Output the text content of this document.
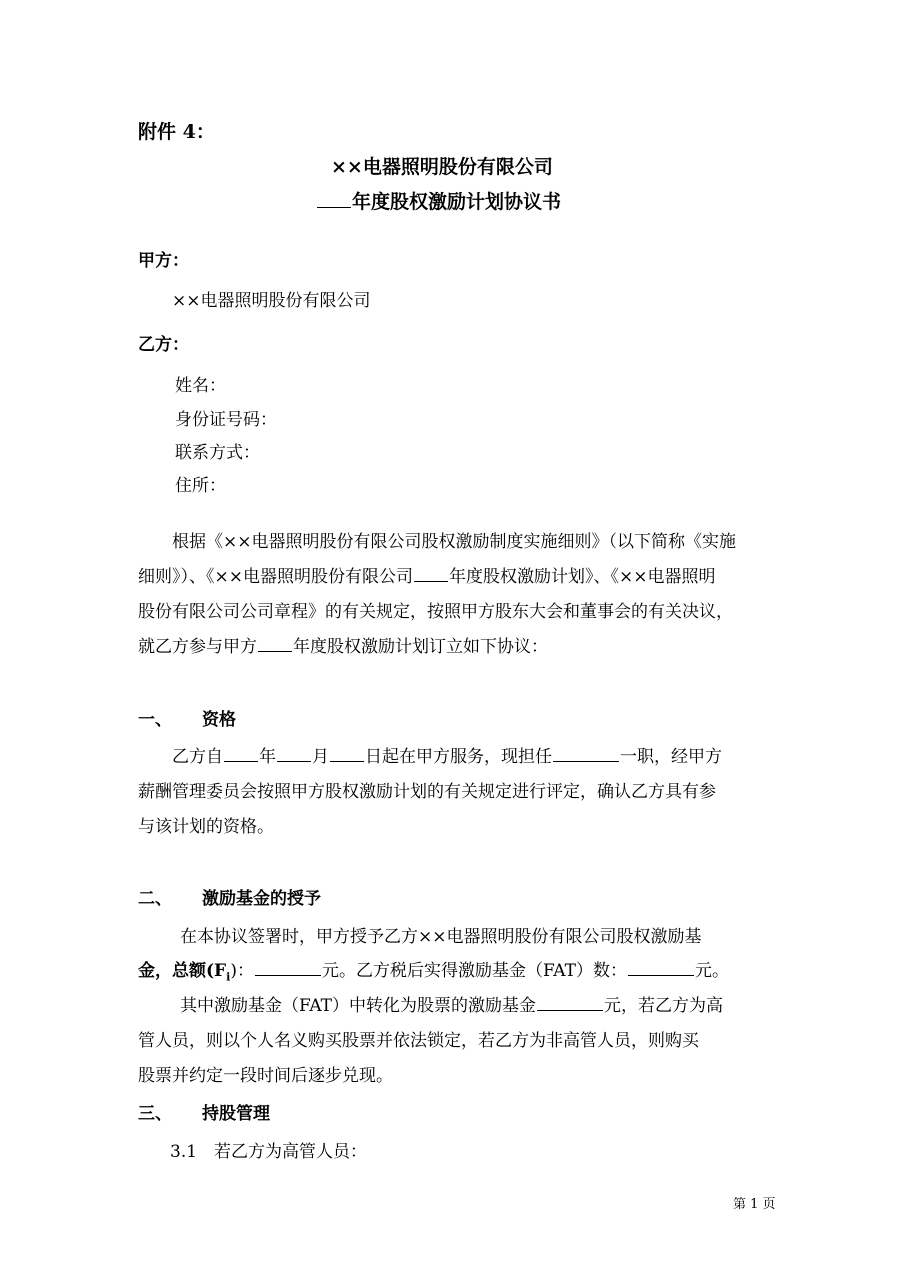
附件 4：
××电器照明股份有限公司
年度股权激励计划协议书
甲方：
××电器照明股份有限公司
乙方：
姓名：
身份证号码：
联系方式：
住所：
根据《××电器照明股份有限公司股权激励制度实施细则》（以下简称《实施
细则》）、《××电器照明股份有限公司 年度股权激励计划》、《××电器照明
股份有限公司公司章程》的有关规定，按照甲方股东大会和董事会的有关决议，
就乙方参与甲方 年度股权激励计划订立如下协议：
一、 资格
乙方自 年 月 日起在甲方服务，现担任	一职，经甲方
薪酬管理委员会按照甲方股权激励计划的有关规定进行评定，确认乙方具有参
与该计划的资格。
二、 激励基金的授予
在本协议签署时，甲方授予乙方××电器照明股份有限公司股权激励基
金，总额$(F_i)$：	元。乙方税后实得激励基金（FAT）数：	元。
其中激励基金（FAT）中转化为股票的激励基金	元，若乙方为高
管人员，则以个人名义购买股票并依法锁定，若乙方为非高管人员，则购买
股票并约定一段时间后逐步兑现。
三、 持股管理
3.1 若乙方为高管人员：
第 1 页
